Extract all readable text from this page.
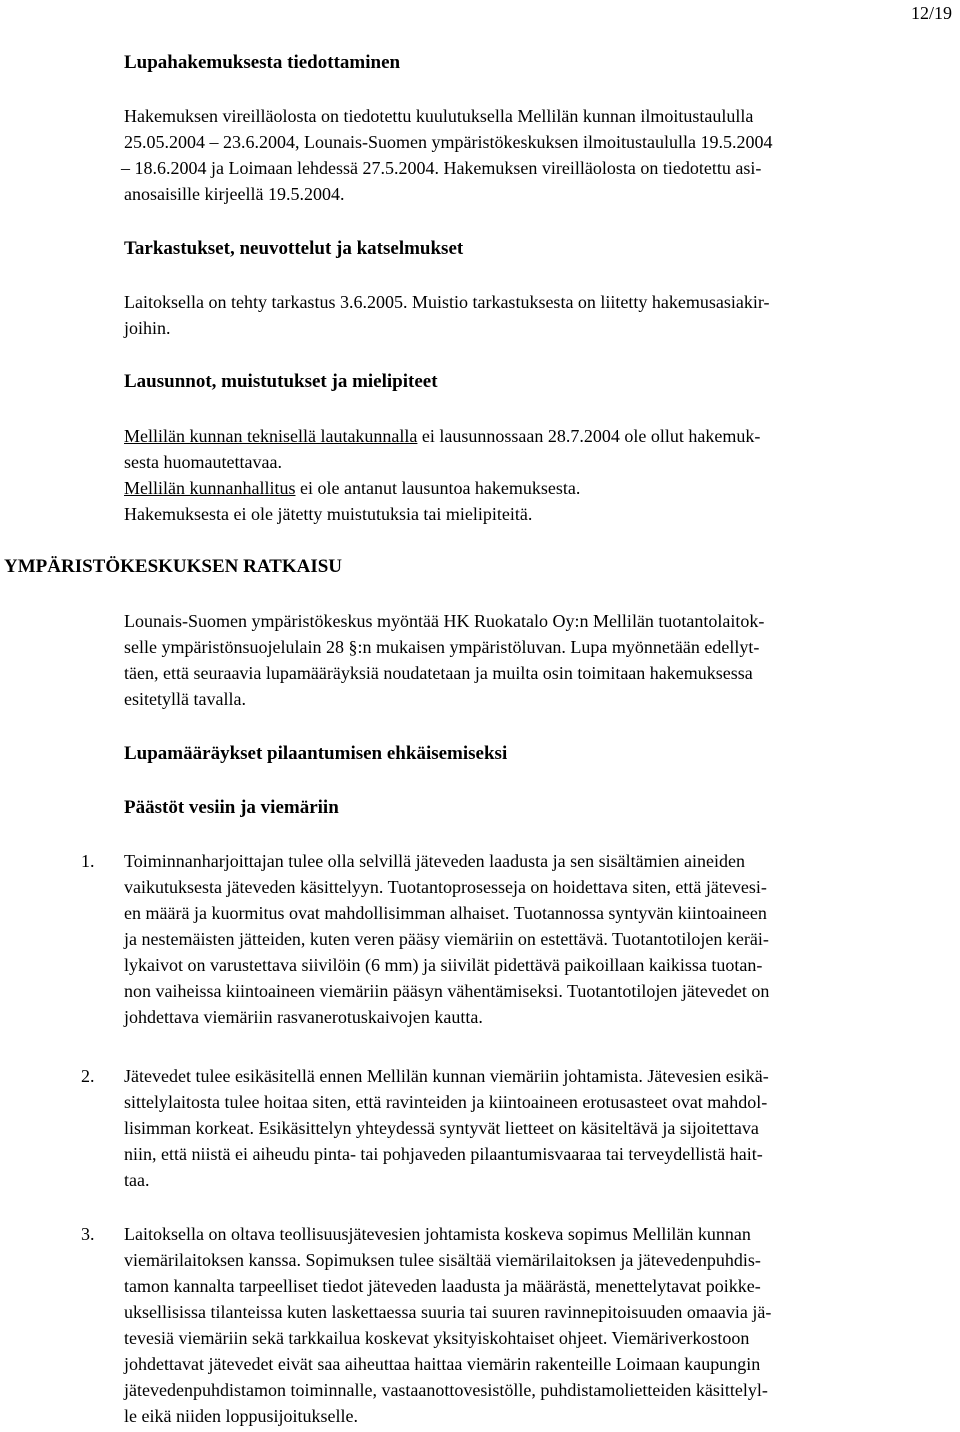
12/19
Lupahakemuksesta tiedottaminen
Hakemuksen vireilläolosta on tiedotettu kuulutuksella Mellilän kunnan ilmoitustaululla
25.05.2004 – 23.6.2004, Lounais-Suomen ympäristökeskuksen ilmoitustaululla 19.5.2004
– 18.6.2004 ja Loimaan lehdessä 27.5.2004. Hakemuksen vireilläolosta on tiedotettu asi-
anosaisille kirjeellä 19.5.2004.
Tarkastukset, neuvottelut ja katselmukset
Laitoksella on tehty tarkastus 3.6.2005. Muistio tarkastuksesta on liitetty hakemusasiakir-
joihin.
Lausunnot, muistutukset ja mielipiteet
Mellilän kunnan teknisellä lautakunnalla ei lausunnossaan 28.7.2004 ole ollut hakemuk-
sesta huomautettavaa.
Mellilän kunnanhallitus ei ole antanut lausuntoa hakemuksesta.
Hakemuksesta ei ole jätetty muistutuksia tai mielipiteitä.
YMPÄRISTÖKESKUKSEN RATKAISU
Lounais-Suomen ympäristökeskus myöntää HK Ruokatalo Oy:n Mellilän tuotantolaitok-
selle ympäristönsuojelulain 28 §:n mukaisen ympäristöluvan. Lupa myönnetään edellyt-
täen, että seuraavia lupamääräyksiä noudatetaan ja muilta osin toimitaan hakemuksessa
esitetyllä tavalla.
Lupamääräykset pilaantumisen ehkäisemiseksi
Päästöt vesiin ja viemäriin
1.	Toiminnanharjoittajan tulee olla selvillä jäteveden laadusta ja sen sisältämien aineiden
vaikutuksesta jäteveden käsittelyyn. Tuotantoprosesseja on hoidettava siten, että jätevesi-
en määrä ja kuormitus ovat mahdollisimman alhaiset. Tuotannossa syntyvän kiintoaineen
ja nestemäisten jätteiden, kuten veren pääsy viemäriin on estettävä. Tuotantotilojen keräi-
lykaivot on varustettava siivilöin (6 mm) ja siivilät pidettävä paikoillaan kaikissa tuotan-
non vaiheissa kiintoaineen viemäriin pääsyn vähentämiseksi. Tuotantotilojen jätevedet on
johdettava viemäriin rasvanerotuskaivojen kautta.
2.	Jätevedet tulee esikäsitellä ennen Mellilän kunnan viemäriin johtamista. Jätevesien esikä-
sittelylaitosta tulee hoitaa siten, että ravinteiden ja kiintoaineen erotusasteet ovat mahdol-
lisimman korkeat. Esikäsittelyn yhteydessä syntyvät lietteet on käsiteltävä ja sijoitettava
niin, että niistä ei aiheudu pinta- tai pohjaveden pilaantumisvaaraa tai terveydellistä hait-
taa.
3.	Laitoksella on oltava teollisuusjätevesien johtamista koskeva sopimus Mellilän kunnan
viemärilaitoksen kanssa. Sopimuksen tulee sisältää viemärilaitoksen ja jätevedenpuhdis-
tamon kannalta tarpeelliset tiedot jäteveden laadusta ja määrästä, menettelytavat poikke-
uksellisissa tilanteissa kuten laskettaessa suuria tai suuren ravinnepitoisuuden omaavia jä-
tevesiä viemäriin sekä tarkkailua koskevat yksityiskohtaiset ohjeet. Viemäriverkostoon
johdettavat jätevedet eivät saa aiheuttaa haittaa viemärin rakenteille Loimaan kaupungin
jätevedenpuhdistamon toiminnalle, vastaanottovesistölle, puhdistamolietteiden käsittelyl-
le eikä niiden loppusijoitukselle.
